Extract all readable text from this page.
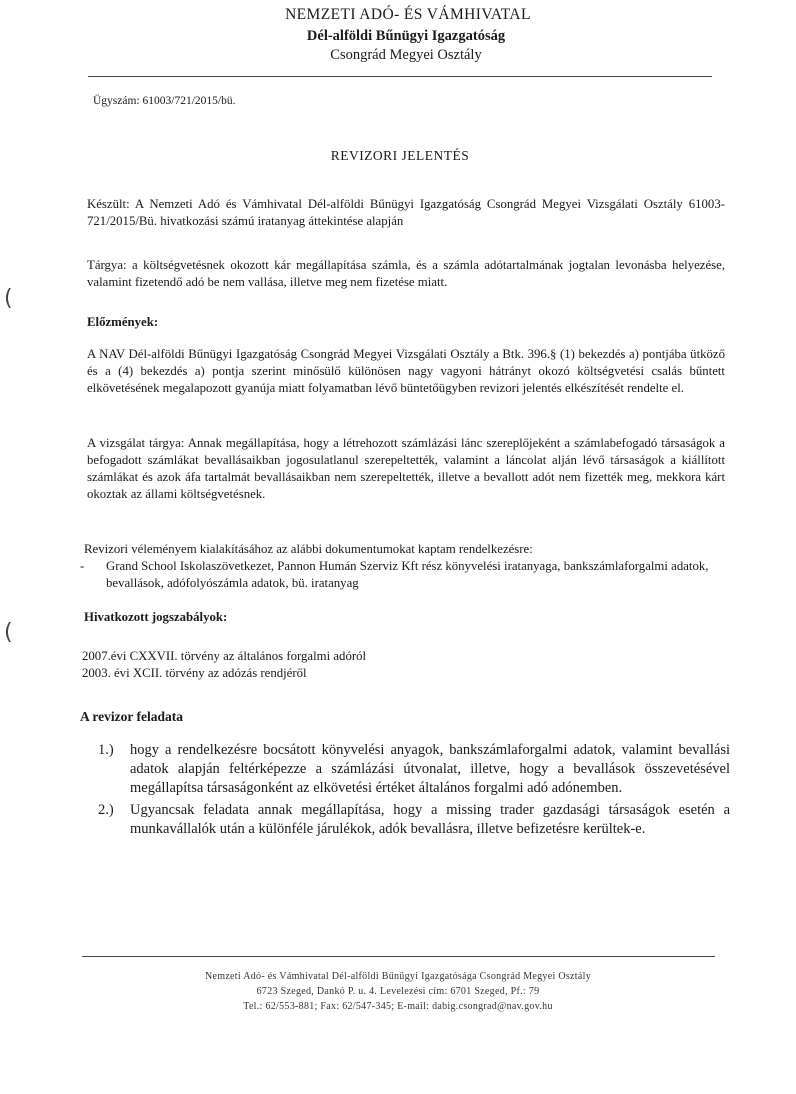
NEMZETI ADÓ- ÉS VÁMHIVATAL
Dél-alföldi Bűnügyi Igazgatóság
Csongrád Megyei Osztály
Ügyszám: 61003/721/2015/bü.
REVIZORI JELENTÉS
Készült: A Nemzeti Adó és Vámhivatal Dél-alföldi Bűnügyi Igazgatóság Csongrád Megyei Vizsgálati Osztály 61003-721/2015/Bü. hivatkozási számú iratanyag áttekintése alapján
Tárgya: a költségvetésnek okozott kár megállapítása számla, és a számla adótartalmának jogtalan levonásba helyezése, valamint fizetendő adó be nem vallása, illetve meg nem fizetése miatt.
Előzmények:
A NAV Dél-alföldi Bűnügyi Igazgatóság Csongrád Megyei Vizsgálati Osztály a Btk. 396.§ (1) bekezdés a) pontjába ütköző és a (4) bekezdés a) pontja szerint minősülő különösen nagy vagyoni hátrányt okozó költségvetési csalás bűntett elkövetésének megalapozott gyanúja miatt folyamatban lévő büntetőügyben revizori jelentés elkészítését rendelte el.
A vizsgálat tárgya: Annak megállapítása, hogy a létrehozott számlázási lánc szereplőjeként a számlabefogadó társaságok a befogadott számlákat bevallásaikban jogosulatlanul szerepeltették, valamint a láncolat alján lévő társaságok a kiállított számlákat és azok áfa tartalmát bevallásaikban nem szerepeltették, illetve a bevallott adót nem fizették meg, mekkora kárt okoztak az állami költségvetésnek.
Revizori véleményem kialakításához az alábbi dokumentumokat kaptam rendelkezésre:
- Grand School Iskolaszövetkezet, Pannon Humán Szerviz Kft rész könyvelési iratanyaga, bankszámlaforgalmi adatok, bevallások, adófolyószámla adatok, bü. iratanyag
Hivatkozott jogszabályok:
2007.évi CXXVII. törvény az általános forgalmi adóról
2003. évi XCII. törvény az adózás rendjéről
A revizor feladata
1.) hogy a rendelkezésre bocsátott könyvelési anyagok, bankszámlaforgalmi adatok, valamint bevallási adatok alapján feltérképezze a számlázási útvonalat, illetve, hogy a bevallások összevetésével megállapítsa társaságonként az elkövetési értéket általános forgalmi adó adónemben.
2.) Ugyancsak feladata annak megállapítása, hogy a missing trader gazdasági társaságok esetén a munkavállalók után a különféle járulékok, adók bevallásra, illetve befizetésre kerültek-e.
Nemzeti Adó- és Vámhivatal Dél-alföldi Bűnügyi Igazgatósága Csongrád Megyei Osztály
6723 Szeged, Dankó P. u. 4. Levelezési cím: 6701 Szeged, Pf.: 79
Tel.: 62/553-881; Fax: 62/547-345; E-mail: dabig.csongrad@nav.gov.hu
(
(
